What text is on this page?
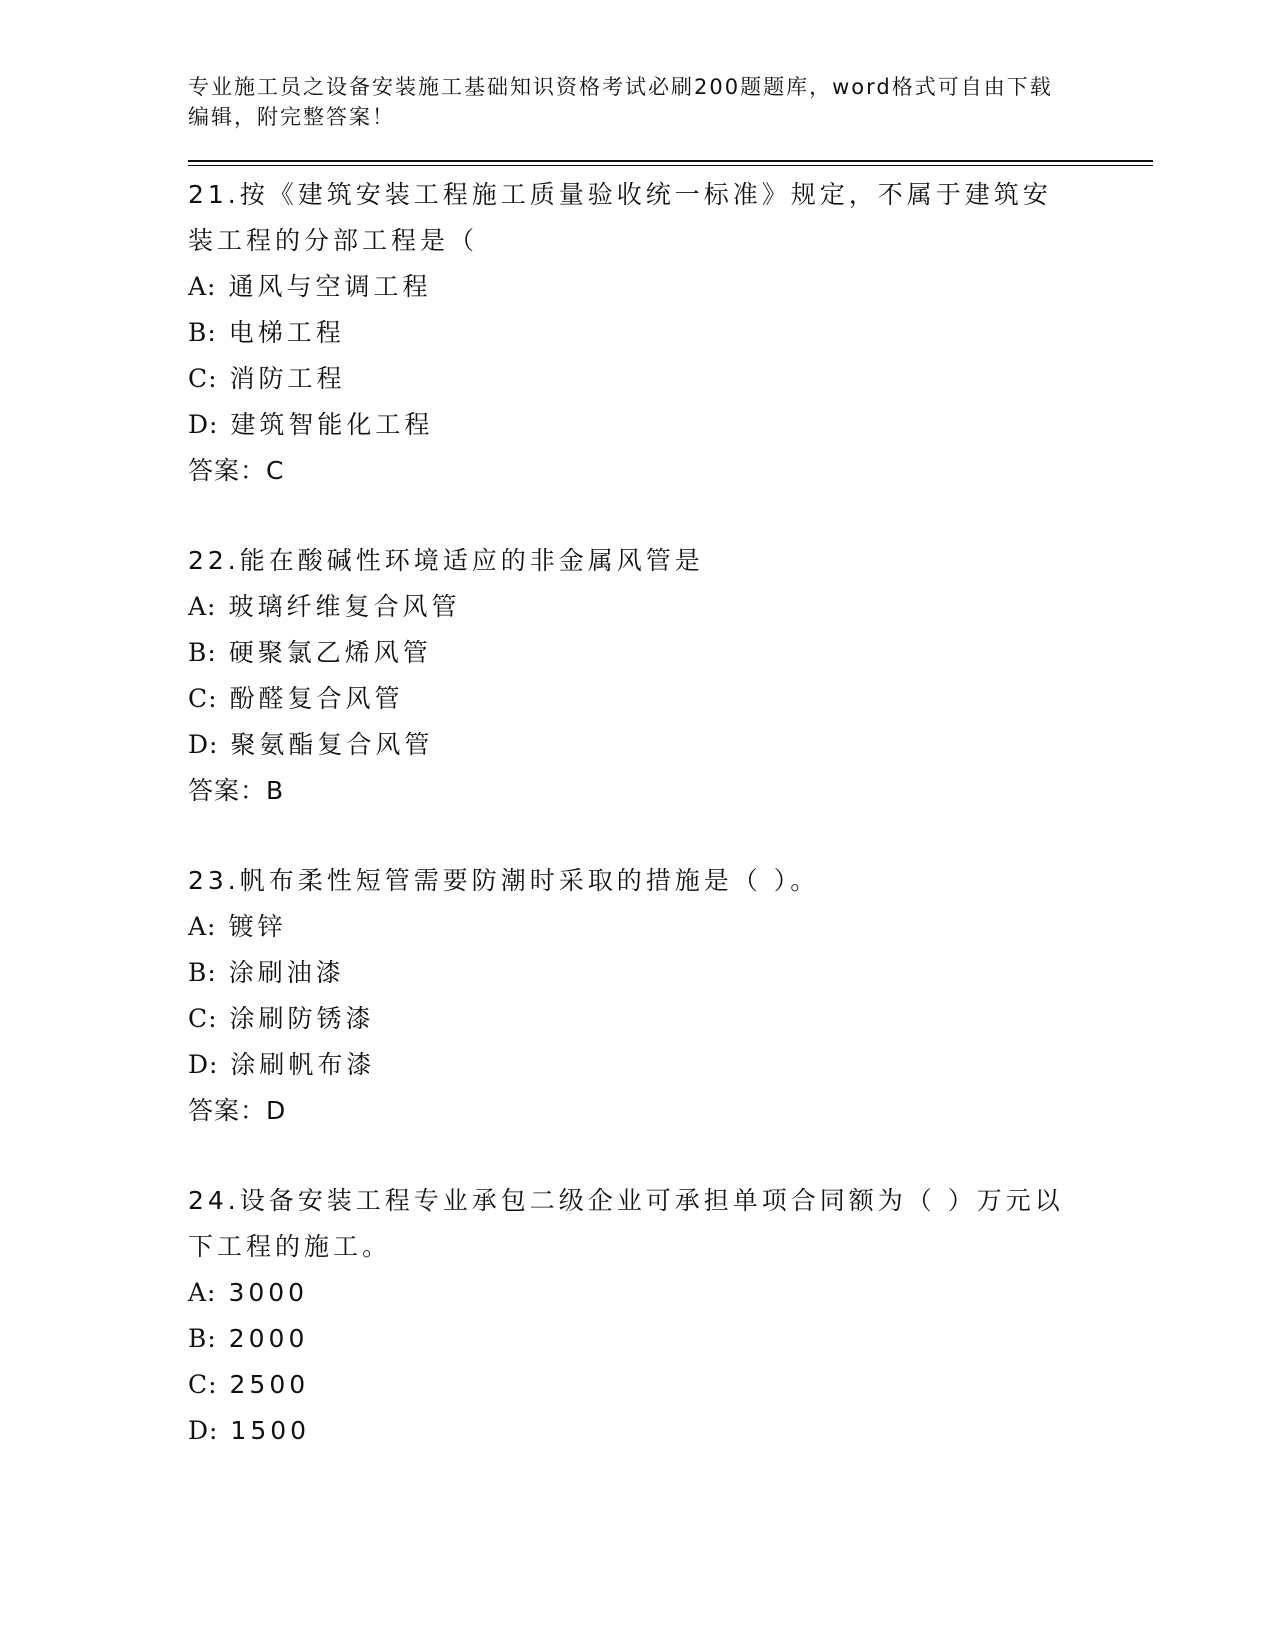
专业施工员之设备安装施工基础知识资格考试必刷200题题库，word格式可自由下载编辑，附完整答案！

21.按《建筑安装工程施工质量验收统一标准》规定，不属于建筑安装工程的分部工程是（
A: 通风与空调工程
B: 电梯工程
C: 消防工程
D: 建筑智能化工程
答案：C
22.能在酸碱性环境适应的非金属风管是
A: 玻璃纤维复合风管
B: 硬聚氯乙烯风管
C: 酚醛复合风管
D: 聚氨酯复合风管
答案：B
23.帆布柔性短管需要防潮时采取的措施是（ ）。
A: 镀锌
B: 涂刷油漆
C: 涂刷防锈漆
D: 涂刷帆布漆
答案：D
24.设备安装工程专业承包二级企业可承担单项合同额为（ ）万元以下工程的施工。
A: 3000
B: 2000
C: 2500
D: 1500
